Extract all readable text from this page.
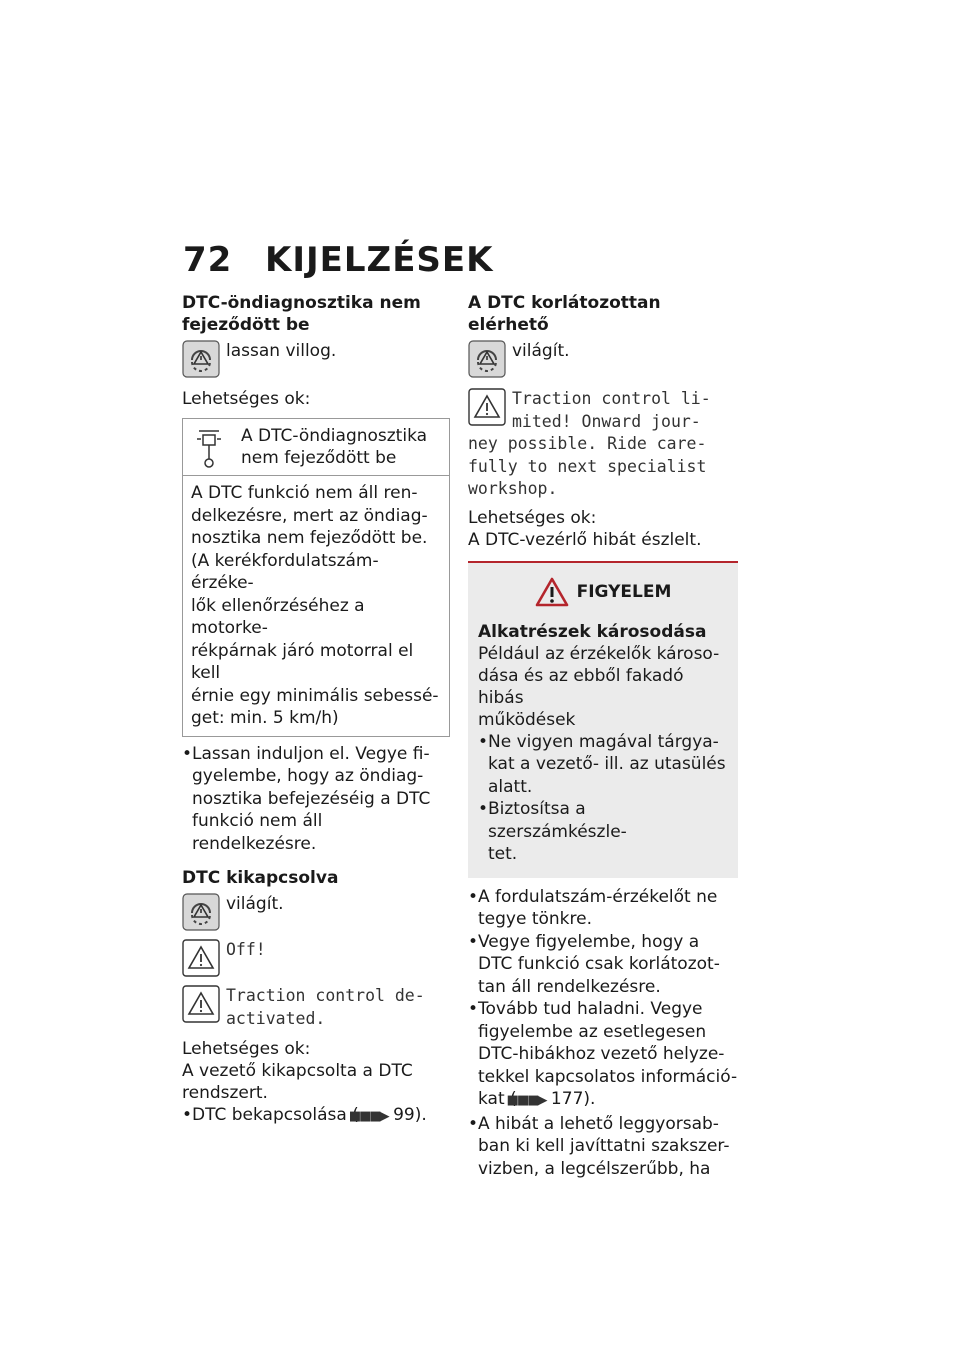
72 KIJELZÉSEK
DTC-öndiagnosztika nem
fejeződött be
lassan villog.
Lehetséges ok:
A DTC-öndiagnosztika
nem fejeződött be
A DTC funkció nem áll ren-
delkezésre, mert az öndiag-
nosztika nem fejeződött be.
(A kerékfordulatszám-érzéke-
lők ellenőrzéséhez a motorke-
rékpárnak járó motorral el kell
érnie egy minimális sebessé-
get: min. 5 km/h)
•Lassan induljon el. Vegye fi-
gyelembe, hogy az öndiag-
nosztika befejezéséig a DTC
funkció nem áll rendelkezésre.
DTC kikapcsolva
világít.
Off!
Traction control de-
activated.
Lehetséges ok:
A vezető kikapcsolta a DTC
rendszert.
•DTC bekapcsolása (■■■▶ 99).
A DTC korlátozottan elérhető
világít.
Traction control li-
mited! Onward jour-
ney possible. Ride care-
fully to next specialist
workshop.
Lehetséges ok:
A DTC-vezérlő hibát észlelt.
FIGYELEM
Alkatrészek károsodása
Például az érzékelők károso-
dása és az ebből fakadó hibás
működések
•Ne vigyen magával tárgya-
kat a vezető- ill. az utasülés
alatt.
•Biztosítsa a szerszámkészle-
tet.
•A fordulatszám-érzékelőt ne
tegye tönkre.
•Vegye figyelembe, hogy a
DTC funkció csak korlátozot-
tan áll rendelkezésre.
•Tovább tud haladni. Vegye
figyelembe az esetlegesen
DTC-hibákhoz vezető helyze-
tekkel kapcsolatos információ-
kat (■■■▶ 177).
•A hibát a lehető leggyorsab-
ban ki kell javíttatni szakszer-
vizben, a legcélszerűbb, ha
